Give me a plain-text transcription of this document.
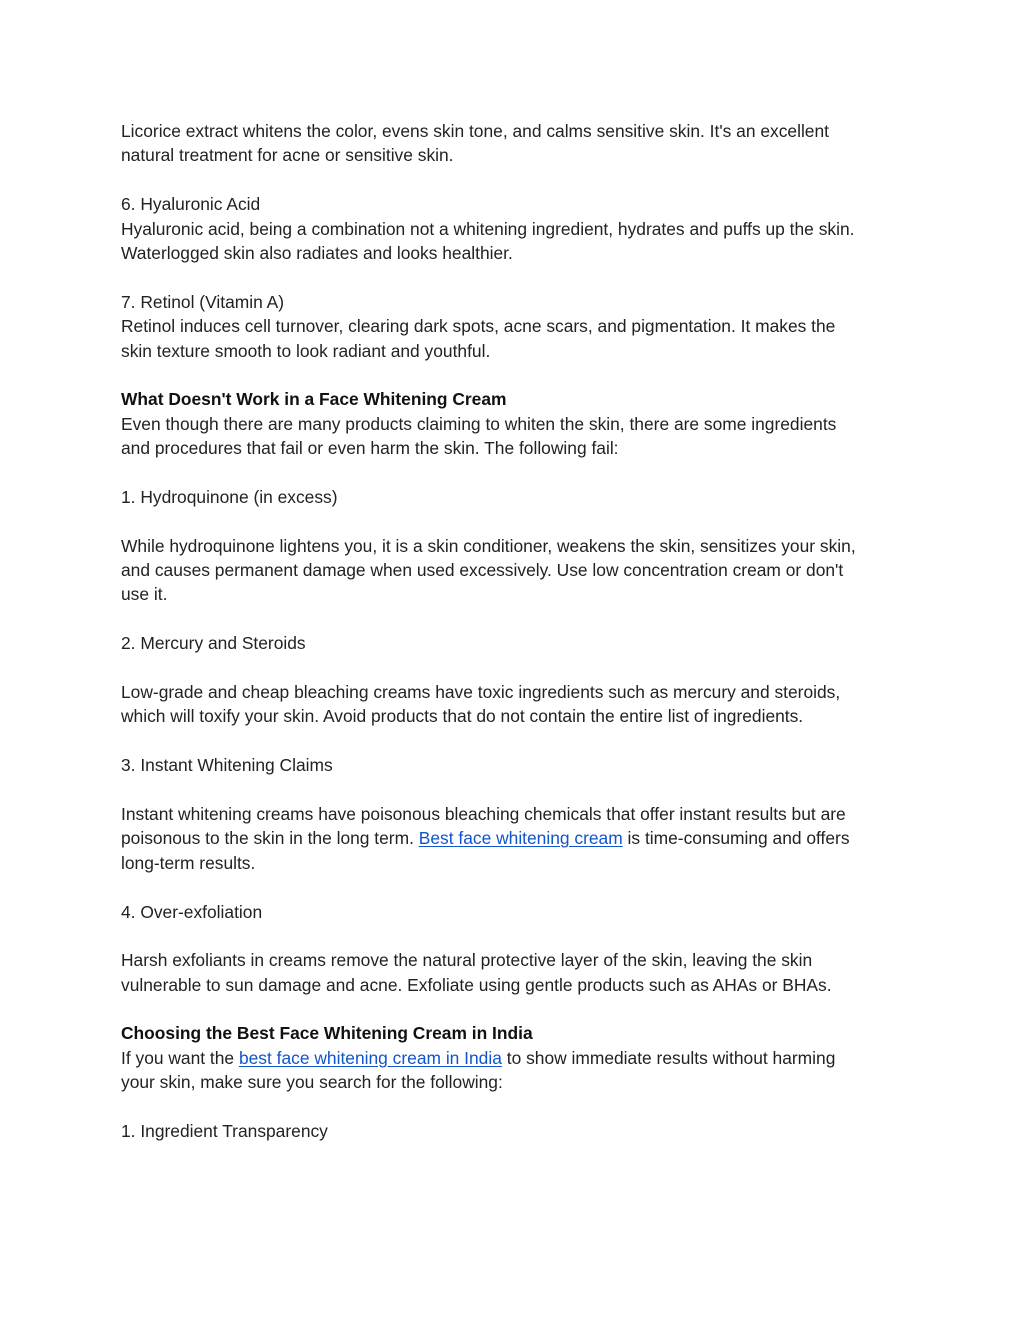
Licorice extract whitens the color, evens skin tone, and calms sensitive skin. It's an excellent
natural treatment for acne or sensitive skin.
6. Hyaluronic Acid
Hyaluronic acid, being a combination not a whitening ingredient, hydrates and puffs up the skin.
Waterlogged skin also radiates and looks healthier.
7. Retinol (Vitamin A)
Retinol induces cell turnover, clearing dark spots, acne scars, and pigmentation. It makes the
skin texture smooth to look radiant and youthful.
What Doesn't Work in a Face Whitening Cream
Even though there are many products claiming to whiten the skin, there are some ingredients
and procedures that fail or even harm the skin. The following fail:
1. Hydroquinone (in excess)
While hydroquinone lightens you, it is a skin conditioner, weakens the skin, sensitizes your skin,
and causes permanent damage when used excessively. Use low concentration cream or don't
use it.
2. Mercury and Steroids
Low-grade and cheap bleaching creams have toxic ingredients such as mercury and steroids,
which will toxify your skin. Avoid products that do not contain the entire list of ingredients.
3. Instant Whitening Claims
Instant whitening creams have poisonous bleaching chemicals that offer instant results but are
poisonous to the skin in the long term. Best face whitening cream is time-consuming and offers
long-term results.
4. Over-exfoliation
Harsh exfoliants in creams remove the natural protective layer of the skin, leaving the skin
vulnerable to sun damage and acne. Exfoliate using gentle products such as AHAs or BHAs.
Choosing the Best Face Whitening Cream in India
If you want the best face whitening cream in India to show immediate results without harming
your skin, make sure you search for the following:
1. Ingredient Transparency
